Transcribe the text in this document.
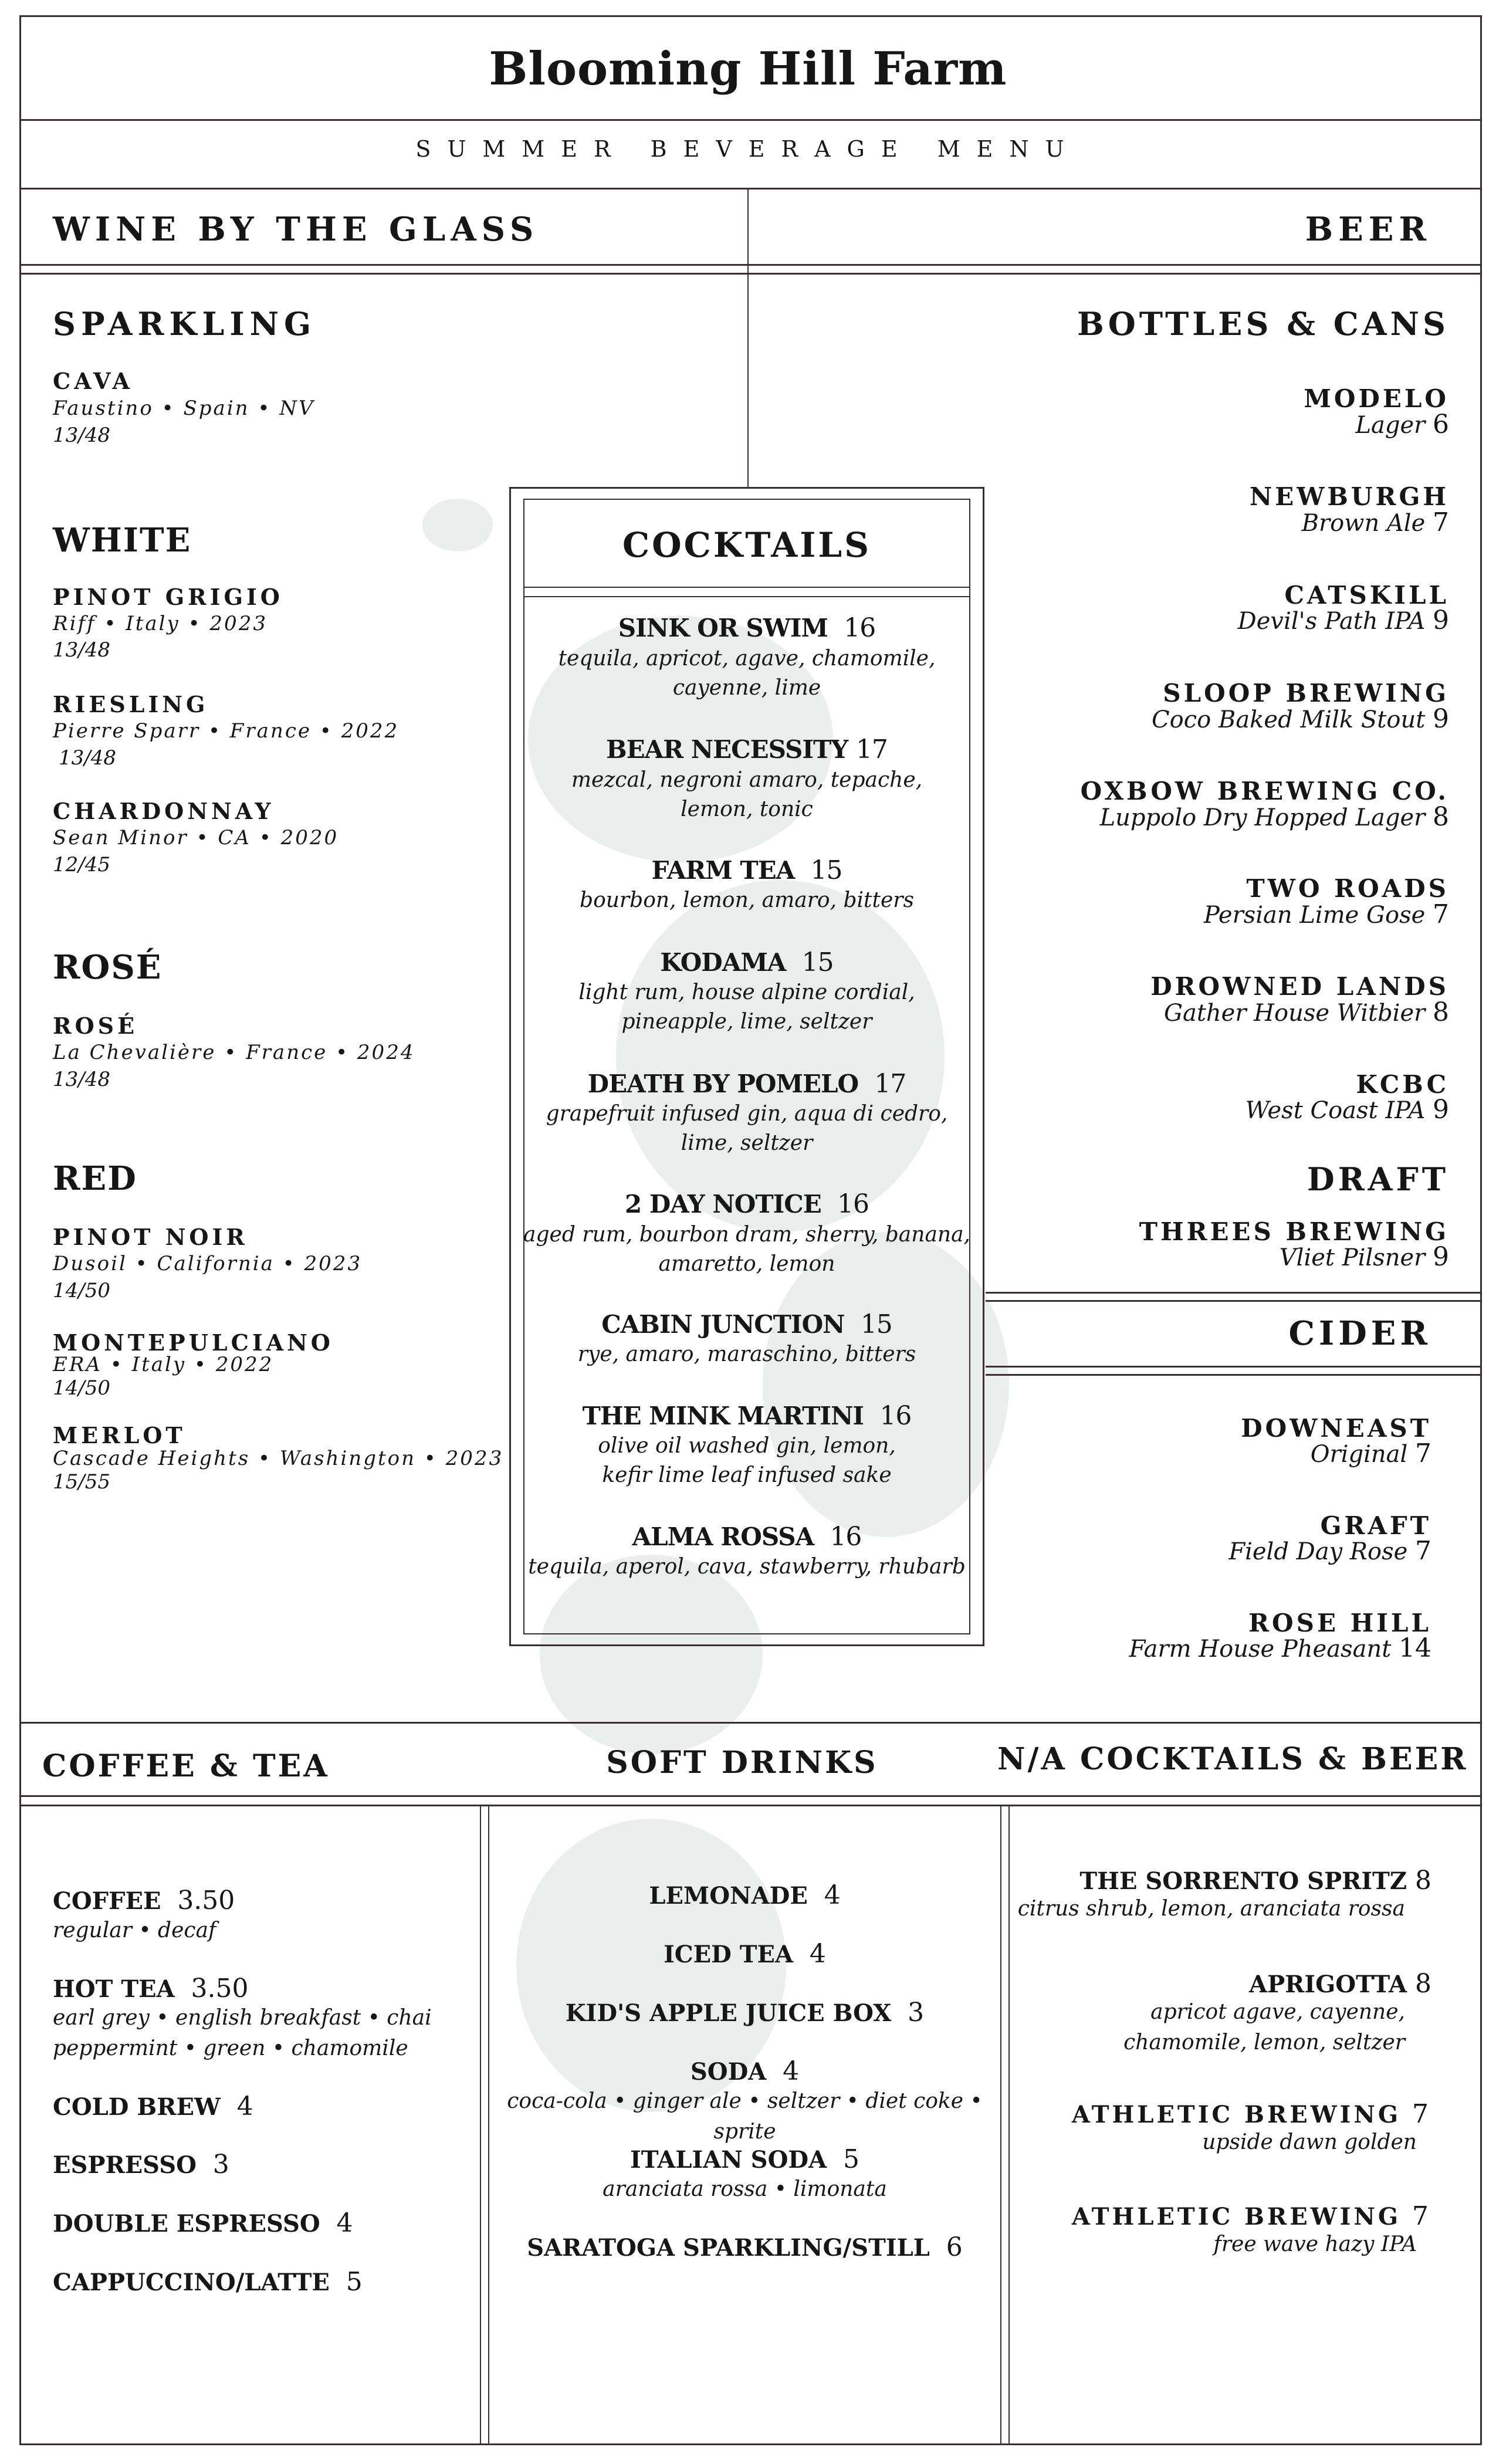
Blooming Hill Farm
SUMMER BEVERAGE MENU
WINE BY THE GLASS	BEER
SPARKLING
CAVA
Faustino • Spain • NV
13/48
WHITE
PINOT GRIGIO
Riff • Italy • 2023
13/48
RIESLING
Pierre Sparr • France • 2022
13/48
CHARDONNAY
Sean Minor • CA • 2020
12/45
ROSÉ
ROSÉ
La Chevalière • France • 2024
13/48
RED
PINOT NOIR
Dusoil • California • 2023
14/50
MONTEPULCIANO
ERA • Italy • 2022
14/50
MERLOT
Cascade Heights • Washington • 2023
15/55
COCKTAILS
SINK OR SWIM 16
tequila, apricot, agave, chamomile,
cayenne, lime
BEAR NECESSITY 17
mezcal, negroni amaro, tepache,
lemon, tonic
FARM TEA 15
bourbon, lemon, amaro, bitters
KODAMA 15
light rum, house alpine cordial,
pineapple, lime, seltzer
DEATH BY POMELO 17
grapefruit infused gin, aqua di cedro,
lime, seltzer
2 DAY NOTICE 16
aged rum, bourbon dram, sherry, banana,
amaretto, lemon
CABIN JUNCTION 15
rye, amaro, maraschino, bitters
THE MINK MARTINI 16
olive oil washed gin, lemon,
kefir lime leaf infused sake
ALMA ROSSA 16
tequila, aperol, cava, stawberry, rhubarb
BOTTLES & CANS
MODELO
Lager 6
NEWBURGH
Brown Ale 7
CATSKILL
Devil's Path IPA 9
SLOOP BREWING
Coco Baked Milk Stout 9
OXBOW BREWING CO.
Luppolo Dry Hopped Lager 8
TWO ROADS
Persian Lime Gose 7
DROWNED LANDS
Gather House Witbier 8
KCBC
West Coast IPA 9
DRAFT
THREES BREWING
Vliet Pilsner 9
CIDER
DOWNEAST
Original 7
GRAFT
Field Day Rose 7
ROSE HILL
Farm House Pheasant 14
COFFEE & TEA	SOFT DRINKS	N/A COCKTAILS & BEER
COFFEE 3.50
regular • decaf
HOT TEA 3.50
earl grey • english breakfast • chai
peppermint • green • chamomile
COLD BREW 4
ESPRESSO 3
DOUBLE ESPRESSO 4
CAPPUCCINO/LATTE 5
LEMONADE 4
ICED TEA 4
KID'S APPLE JUICE BOX 3
SODA 4
coca-cola • ginger ale • seltzer • diet coke • sprite
ITALIAN SODA 5
aranciata rossa • limonata
SARATOGA SPARKLING/STILL 6
THE SORRENTO SPRITZ 8
citrus shrub, lemon, aranciata rossa
APRIGOTTA 8
apricot agave, cayenne,
chamomile, lemon, seltzer
ATHLETIC BREWING 7
upside dawn golden
ATHLETIC BREWING 7
free wave hazy IPA
